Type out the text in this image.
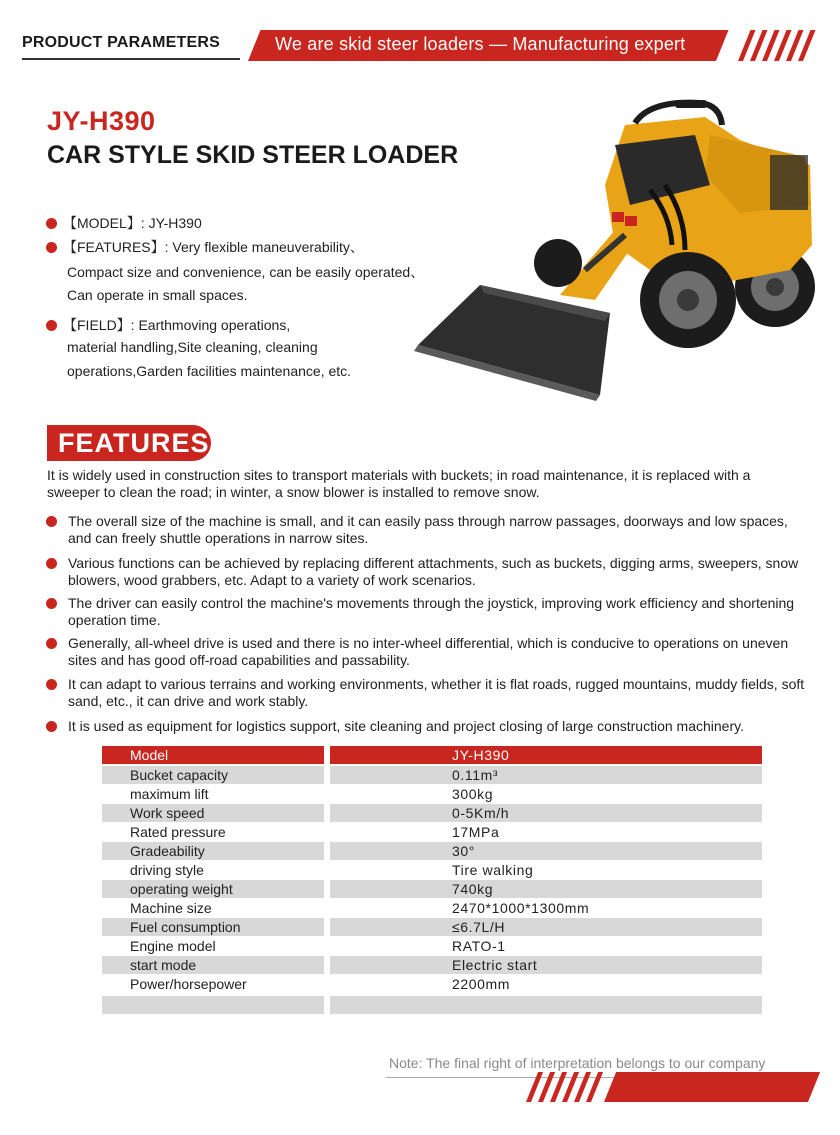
PRODUCT PARAMETERS	We are skid steer loaders — Manufacturing expert
JY-H390
CAR STYLE SKID STEER LOADER
【MODEL】: JY-H390
【FEATURES】: Very flexible maneuverability、
Compact size and convenience, can be easily operated、
Can operate in small spaces.
【FIELD】: Earthmoving operations,
material handling,Site cleaning, cleaning
operations,Garden facilities maintenance, etc.
FEATURES
It is widely used in construction sites to transport materials with buckets; in road maintenance, it is replaced with a sweeper to clean the road; in winter, a snow blower is installed to remove snow.
The overall size of the machine is small, and it can easily pass through narrow passages, doorways and low spaces, and can freely shuttle operations in narrow sites.
Various functions can be achieved by replacing different attachments, such as buckets, digging arms, sweepers, snow blowers, wood grabbers, etc. Adapt to a variety of work scenarios.
The driver can easily control the machine's movements through the joystick, improving work efficiency and shortening operation time.
Generally, all-wheel drive is used and there is no inter-wheel differential, which is conducive to operations on uneven sites and has good off-road capabilities and passability.
It can adapt to various terrains and working environments, whether it is flat roads, rugged mountains, muddy fields, soft sand, etc., it can drive and work stably.
It is used as equipment for logistics support, site cleaning and project closing of large construction machinery.
Model	JY-H390
Bucket capacity	0.11m³
maximum lift	300kg
Work speed	0-5Km/h
Rated pressure	17MPa
Gradeability	30°
driving style	Tire walking
operating weight	740kg
Machine size	2470*1000*1300mm
Fuel consumption	≤6.7L/H
Engine model	RATO-1
start mode	Electric start
Power/horsepower	2200mm
Note: The final right of interpretation belongs to our company
